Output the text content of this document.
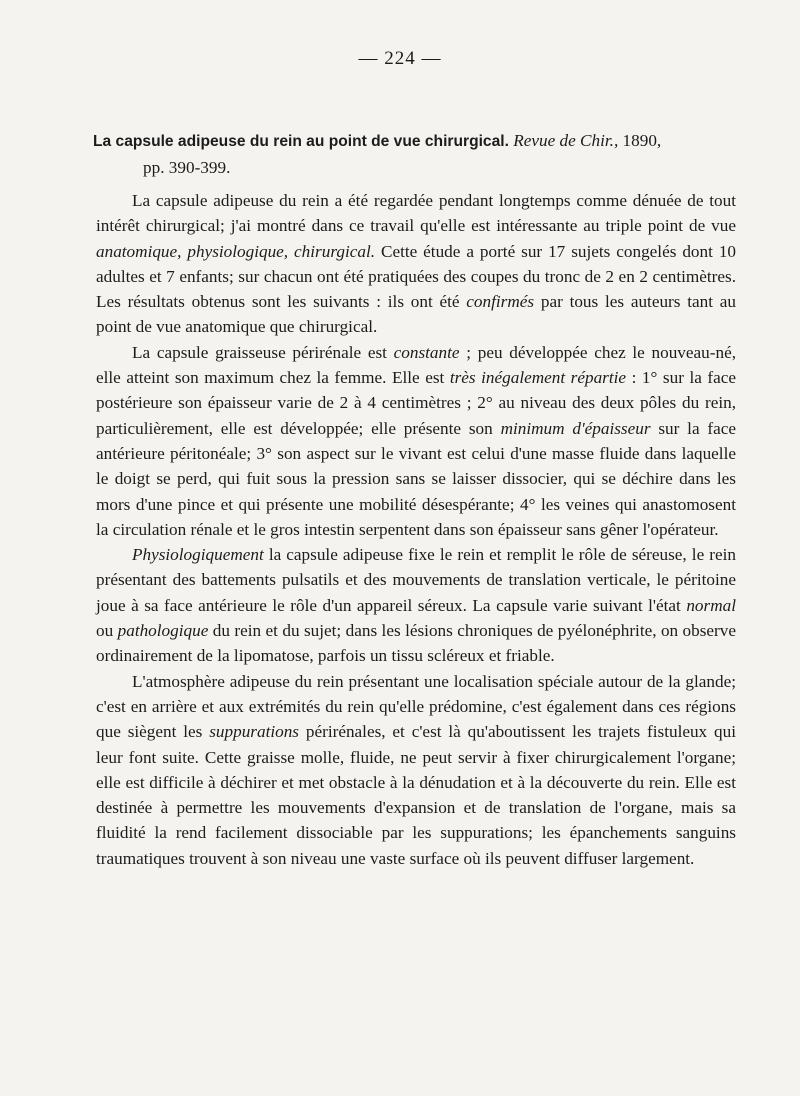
— 224 —
La capsule adipeuse du rein au point de vue chirurgical. Revue de Chir., 1890,
pp. 390-399.

La capsule adipeuse du rein a été regardée pendant longtemps comme dénuée de tout intérêt chirurgical; j'ai montré dans ce travail qu'elle est intéressante au triple point de vue anatomique, physiologique, chirurgical. Cette étude a porté sur 17 sujets congelés dont 10 adultes et 7 enfants; sur chacun ont été pratiquées des coupes du tronc de 2 en 2 centimètres. Les résultats obtenus sont les suivants : ils ont été confirmés par tous les auteurs tant au point de vue anatomique que chirurgical.

La capsule graisseuse périrénale est constante ; peu développée chez le nouveau-né, elle atteint son maximum chez la femme. Elle est très inégalement répartie : 1° sur la face postérieure son épaisseur varie de 2 à 4 centimètres ; 2° au niveau des deux pôles du rein, particulièrement, elle est développée; elle présente son minimum d'épaisseur sur la face antérieure péritonéale; 3° son aspect sur le vivant est celui d'une masse fluide dans laquelle le doigt se perd, qui fuit sous la pression sans se laisser dissocier, qui se déchire dans les mors d'une pince et qui présente une mobilité désespérante; 4° les veines qui anastomosent la circulation rénale et le gros intestin serpentent dans son épaisseur sans gêner l'opérateur.

Physiologiquement la capsule adipeuse fixe le rein et remplit le rôle de séreuse, le rein présentant des battements pulsatils et des mouvements de translation verticale, le péritoine joue à sa face antérieure le rôle d'un appareil séreux. La capsule varie suivant l'état normal ou pathologique du rein et du sujet; dans les lésions chroniques de pyélonéphrite, on observe ordinairement de la lipomatose, parfois un tissu scléreux et friable.

L'atmosphère adipeuse du rein présentant une localisation spéciale autour de la glande; c'est en arrière et aux extrémités du rein qu'elle prédomine, c'est également dans ces régions que siègent les suppurations périrénales, et c'est là qu'aboutissent les trajets fistuleux qui leur font suite. Cette graisse molle, fluide, ne peut servir à fixer chirurgicalement l'organe; elle est difficile à déchirer et met obstacle à la dénudation et à la découverte du rein. Elle est destinée à permettre les mouvements d'expansion et de translation de l'organe, mais sa fluidité la rend facilement dissociable par les suppurations; les épanchements sanguins traumatiques trouvent à son niveau une vaste surface où ils peuvent diffuser largement.
